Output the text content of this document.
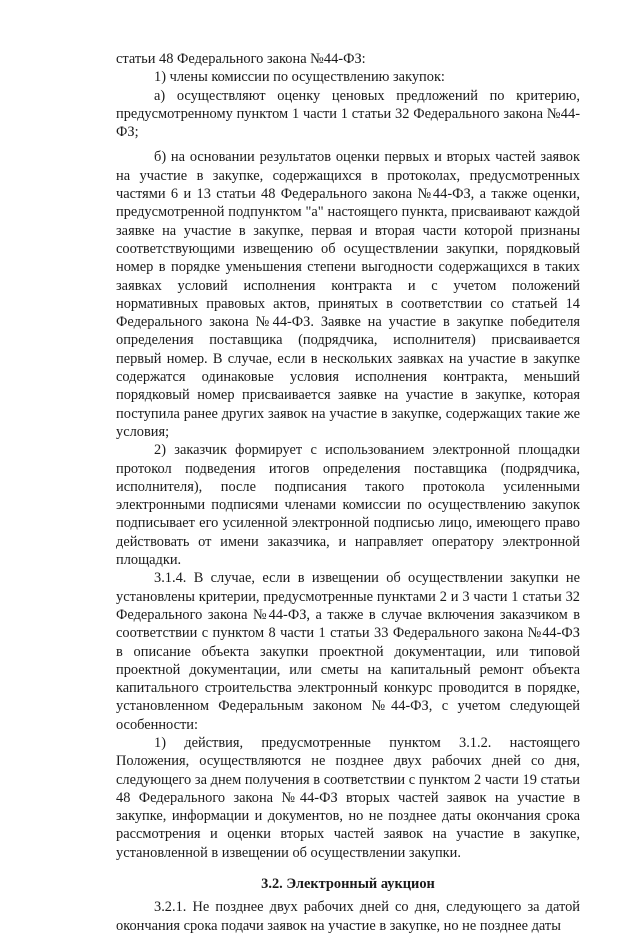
статьи 48 Федерального закона №44-ФЗ:

1) члены комиссии по осуществлению закупок:

а) осуществляют оценку ценовых предложений по критерию, предусмотренному пунктом 1 части 1 статьи 32 Федерального закона №44-ФЗ;

б) на основании результатов оценки первых и вторых частей заявок на участие в закупке, содержащихся в протоколах, предусмотренных частями 6 и 13 статьи 48 Федерального закона №44-ФЗ, а также оценки, предусмотренной подпунктом "а" настоящего пункта, присваивают каждой заявке на участие в закупке, первая и вторая части которой признаны соответствующими извещению об осуществлении закупки, порядковый номер в порядке уменьшения степени выгодности содержащихся в таких заявках условий исполнения контракта и с учетом положений нормативных правовых актов, принятых в соответствии со статьей 14 Федерального закона №44-ФЗ. Заявке на участие в закупке победителя определения поставщика (подрядчика, исполнителя) присваивается первый номер. В случае, если в нескольких заявках на участие в закупке содержатся одинаковые условия исполнения контракта, меньший порядковый номер присваивается заявке на участие в закупке, которая поступила ранее других заявок на участие в закупке, содержащих такие же условия;

2) заказчик формирует с использованием электронной площадки протокол подведения итогов определения поставщика (подрядчика, исполнителя), после подписания такого протокола усиленными электронными подписями членами комиссии по осуществлению закупок подписывает его усиленной электронной подписью лицо, имеющего право действовать от имени заказчика, и направляет оператору электронной площадки.

3.1.4. В случае, если в извещении об осуществлении закупки не установлены критерии, предусмотренные пунктами 2 и 3 части 1 статьи 32 Федерального закона №44-ФЗ, а также в случае включения заказчиком в соответствии с пунктом 8 части 1 статьи 33 Федерального закона №44-ФЗ в описание объекта закупки проектной документации, или типовой проектной документации, или сметы на капитальный ремонт объекта капитального строительства электронный конкурс проводится в порядке, установленном Федеральным законом №44-ФЗ, с учетом следующей особенности:

1) действия, предусмотренные пунктом 3.1.2. настоящего Положения, осуществляются не позднее двух рабочих дней со дня, следующего за днем получения в соответствии с пунктом 2 части 19 статьи 48 Федерального закона №44-ФЗ вторых частей заявок на участие в закупке, информации и документов, но не позднее даты окончания срока рассмотрения и оценки вторых частей заявок на участие в закупке, установленной в извещении об осуществлении закупки.

3.2. Электронный аукцион

3.2.1. Не позднее двух рабочих дней со дня, следующего за датой окончания срока подачи заявок на участие в закупке, но не позднее даты
